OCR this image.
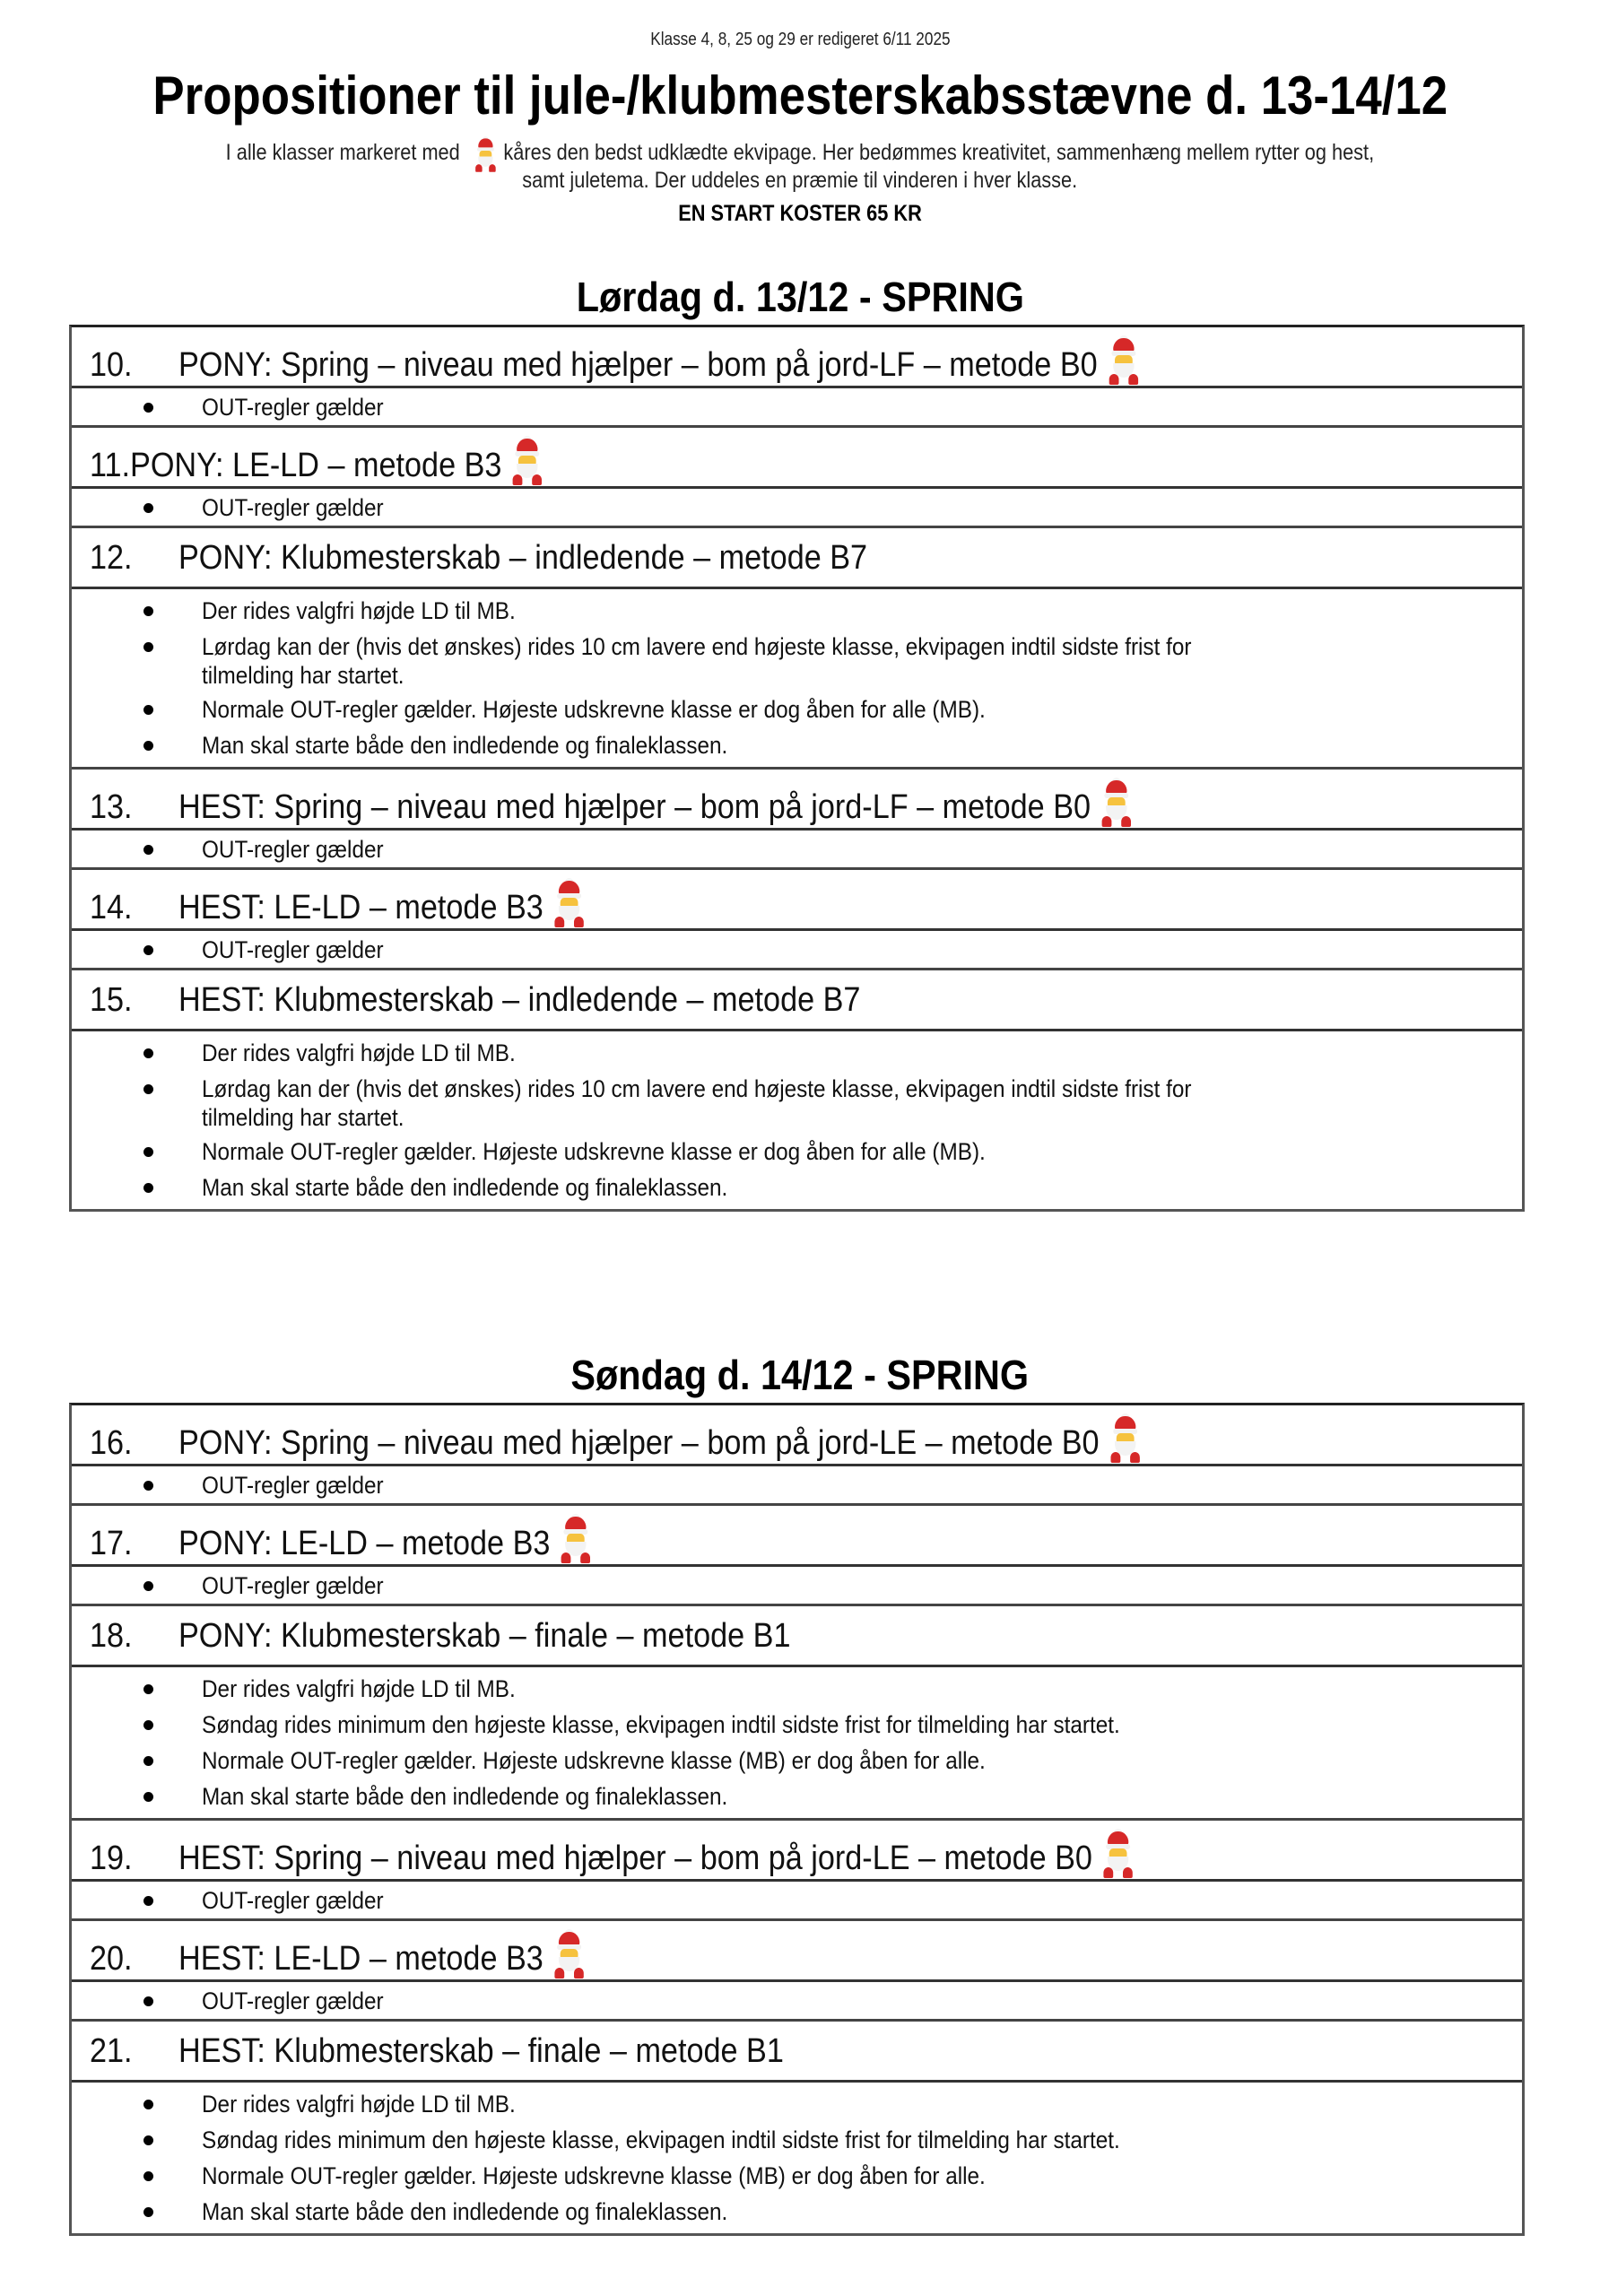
Klasse 4, 8, 25 og 29 er redigeret 6/11 2025
Propositioner til jule-/klubmesterskabsstævne d. 13-14/12
I alle klasser markeret med kåres den bedst udklædte ekvipage. Her bedømmes kreativitet, sammenhæng mellem rytter og hest,
samt juletema. Der uddeles en præmie til vinderen i hver klasse.
EN START KOSTER 65 KR
Lørdag d. 13/12 - SPRING
10. PONY: Spring – niveau med hjælper – bom på jord-LF – metode B0
OUT-regler gælder
11.PONY: LE-LD – metode B3
OUT-regler gælder
12. PONY: Klubmesterskab – indledende – metode B7
Der rides valgfri højde LD til MB.
Lørdag kan der (hvis det ønskes) rides 10 cm lavere end højeste klasse, ekvipagen indtil sidste frist for
tilmelding har startet.
Normale OUT-regler gælder. Højeste udskrevne klasse er dog åben for alle (MB).
Man skal starte både den indledende og finaleklassen.
13. HEST: Spring – niveau med hjælper – bom på jord-LF – metode B0
OUT-regler gælder
14. HEST: LE-LD – metode B3
OUT-regler gælder
15. HEST: Klubmesterskab – indledende – metode B7
Der rides valgfri højde LD til MB.
Lørdag kan der (hvis det ønskes) rides 10 cm lavere end højeste klasse, ekvipagen indtil sidste frist for
tilmelding har startet.
Normale OUT-regler gælder. Højeste udskrevne klasse er dog åben for alle (MB).
Man skal starte både den indledende og finaleklassen.
Søndag d. 14/12 - SPRING
16. PONY: Spring – niveau med hjælper – bom på jord-LE – metode B0
OUT-regler gælder
17. PONY: LE-LD – metode B3
OUT-regler gælder
18. PONY: Klubmesterskab – finale – metode B1
Der rides valgfri højde LD til MB.
Søndag rides minimum den højeste klasse, ekvipagen indtil sidste frist for tilmelding har startet.
Normale OUT-regler gælder. Højeste udskrevne klasse (MB) er dog åben for alle.
Man skal starte både den indledende og finaleklassen.
19. HEST: Spring – niveau med hjælper – bom på jord-LE – metode B0
OUT-regler gælder
20. HEST: LE-LD – metode B3
OUT-regler gælder
21. HEST: Klubmesterskab – finale – metode B1
Der rides valgfri højde LD til MB.
Søndag rides minimum den højeste klasse, ekvipagen indtil sidste frist for tilmelding har startet.
Normale OUT-regler gælder. Højeste udskrevne klasse (MB) er dog åben for alle.
Man skal starte både den indledende og finaleklassen.
